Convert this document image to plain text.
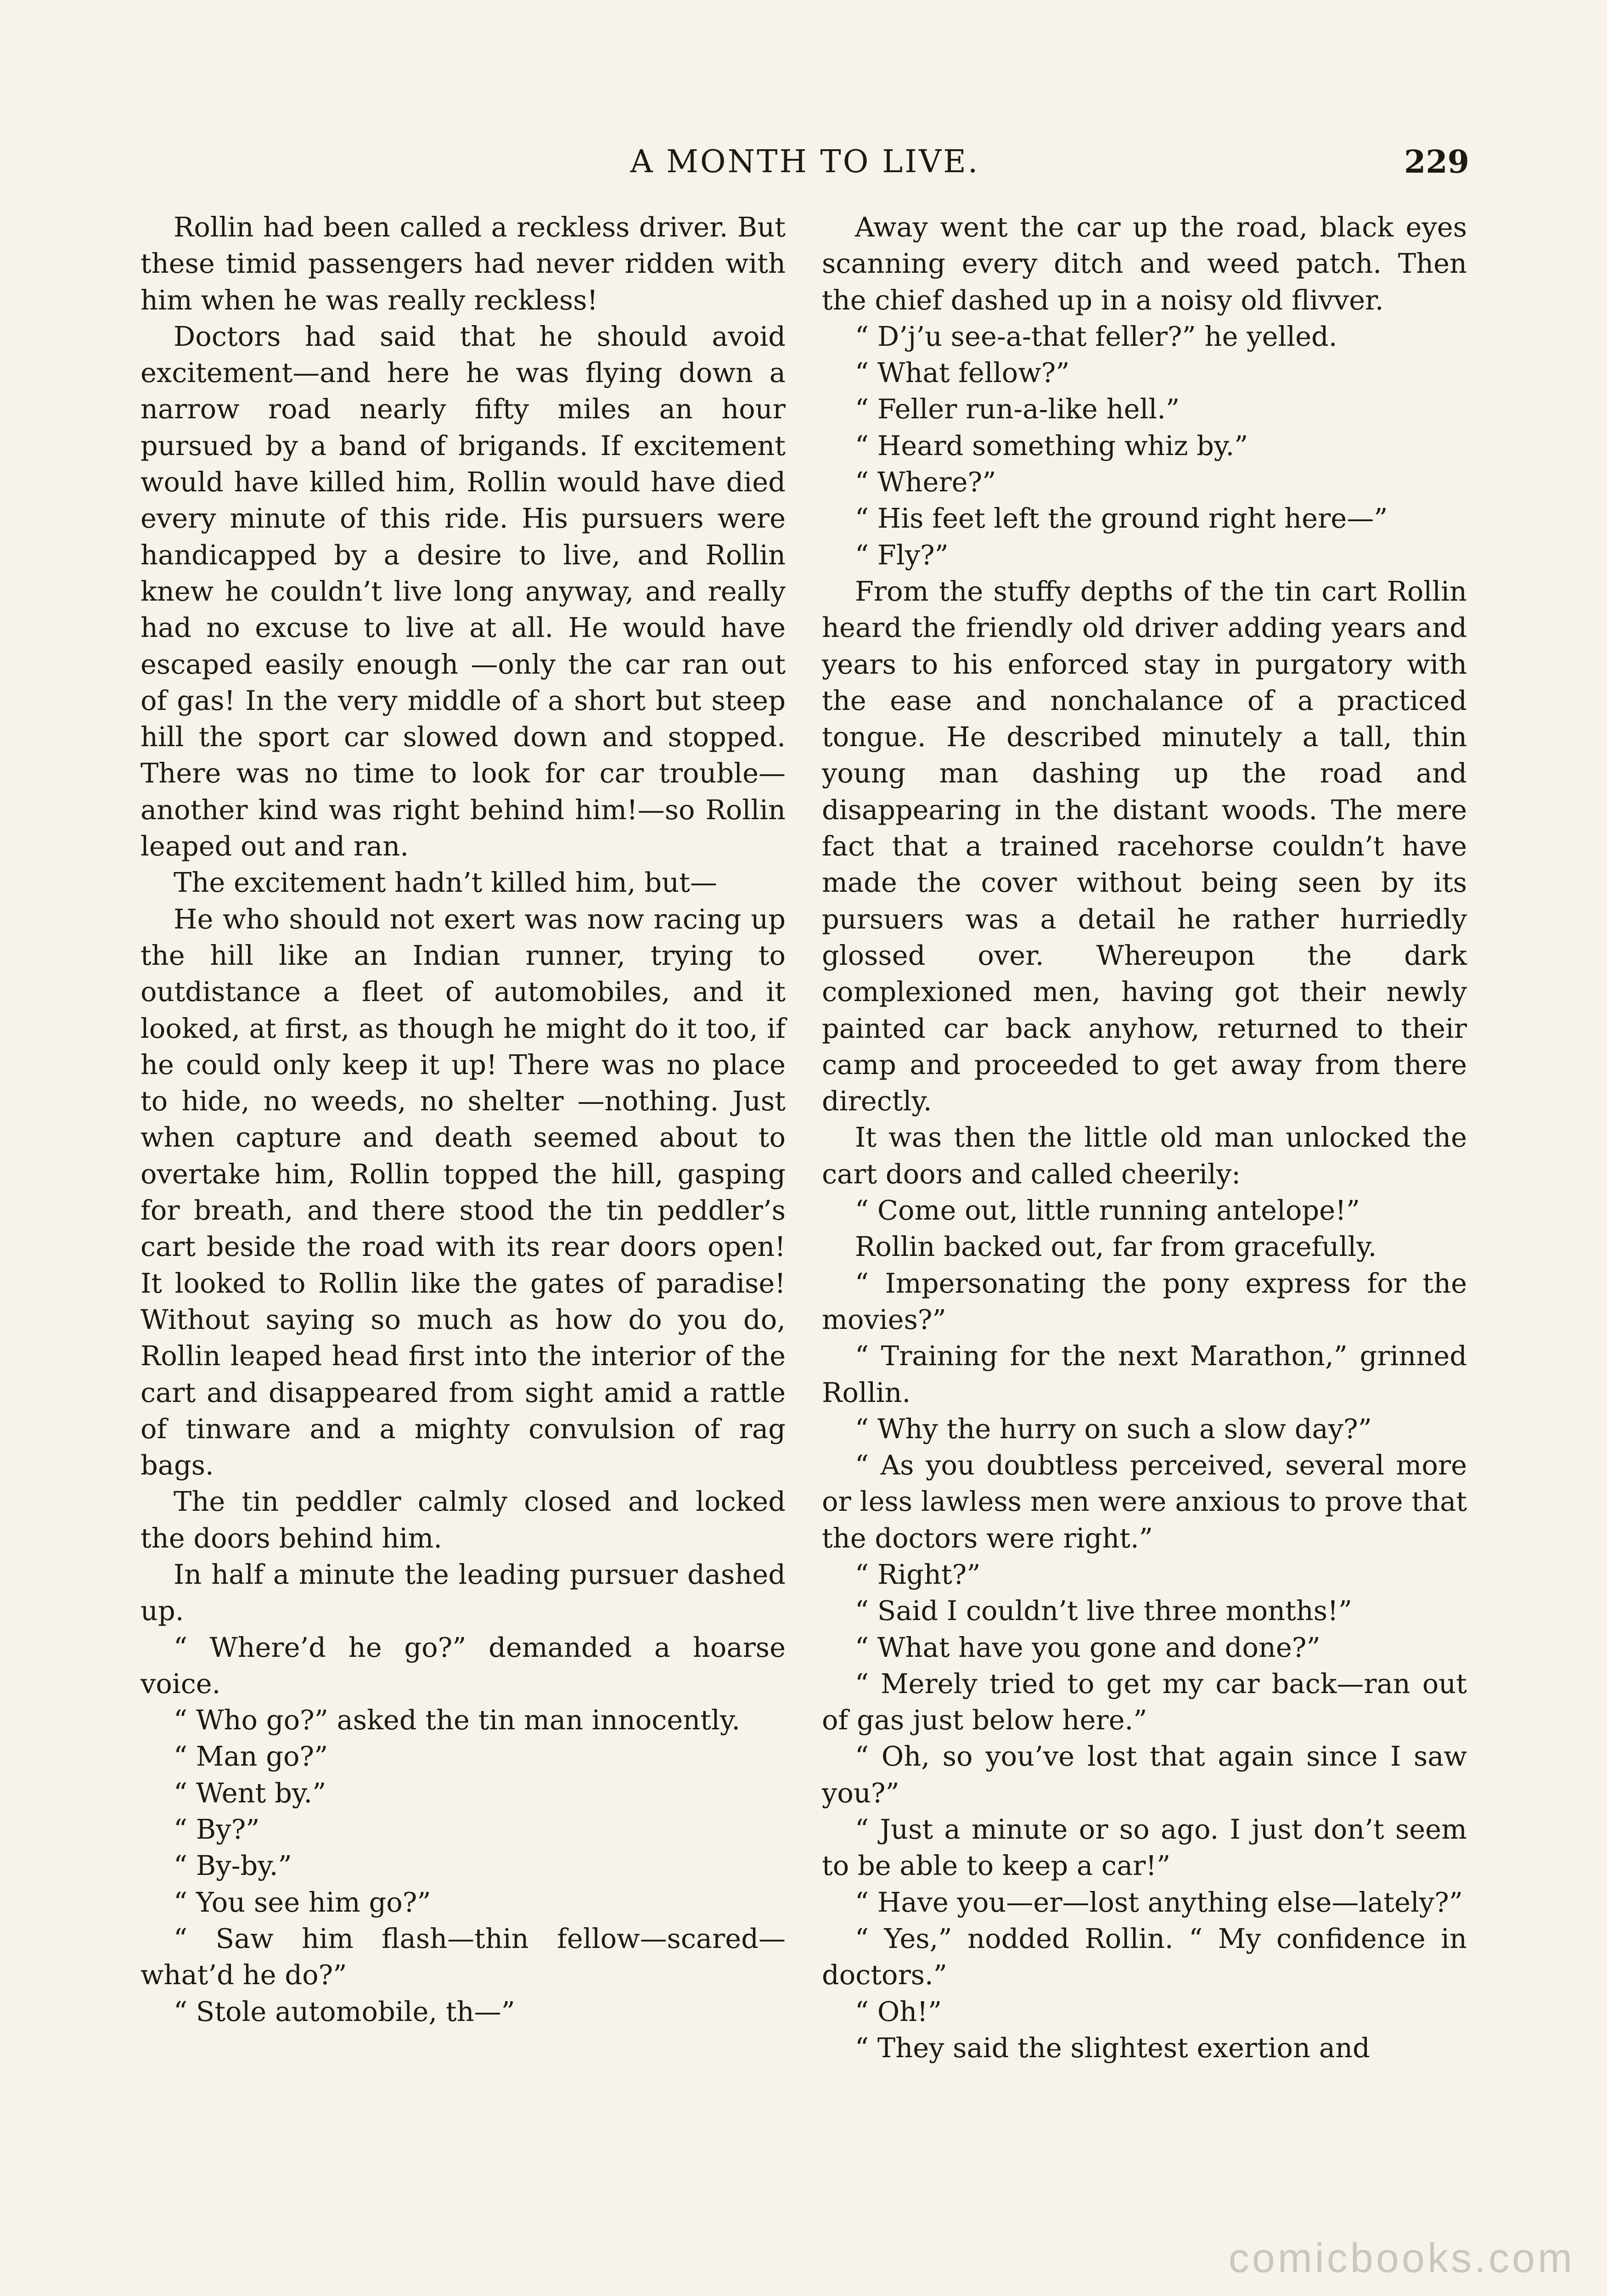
A MONTH TO LIVE.	229

Rollin had been called a reckless driver. But these timid passengers had never ridden with him when he was really reckless!

Doctors had said that he should avoid excitement—and here he was flying down a narrow road nearly fifty miles an hour pursued by a band of brigands. If excitement would have killed him, Rollin would have died every minute of this ride. His pursuers were handicapped by a desire to live, and Rollin knew he couldn’t live long anyway, and really had no excuse to live at all. He would have escaped easily enough —only the car ran out of gas! In the very middle of a short but steep hill the sport car slowed down and stopped. There was no time to look for car trouble—another kind was right behind him!—so Rollin leaped out and ran.

The excitement hadn’t killed him, but—

He who should not exert was now racing up the hill like an Indian runner, trying to outdistance a fleet of automobiles, and it looked, at first, as though he might do it too, if he could only keep it up! There was no place to hide, no weeds, no shelter —nothing. Just when capture and death seemed about to overtake him, Rollin topped the hill, gasping for breath, and there stood the tin peddler’s cart beside the road with its rear doors open! It looked to Rollin like the gates of paradise! Without saying so much as how do you do, Rollin leaped head first into the interior of the cart and disappeared from sight amid a rattle of tinware and a mighty convulsion of rag bags.

The tin peddler calmly closed and locked the doors behind him.

In half a minute the leading pursuer dashed up.

“ Where’d he go?” demanded a hoarse voice.

“ Who go?” asked the tin man innocently.

“ Man go?”

“ Went by.”

“ By?”

“ By-by.”

“ You see him go?”

“ Saw him flash—thin fellow—scared—what’d he do?”

“ Stole automobile, th—”

Away went the car up the road, black eyes scanning every ditch and weed patch. Then the chief dashed up in a noisy old flivver.

“ D’j’u see-a-that feller?” he yelled.

“ What fellow?”

“ Feller run-a-like hell.”

“ Heard something whiz by.”

“ Where?”

“ His feet left the ground right here—”

“ Fly?”

From the stuffy depths of the tin cart Rollin heard the friendly old driver adding years and years to his enforced stay in purgatory with the ease and nonchalance of a practiced tongue. He described minutely a tall, thin young man dashing up the road and disappearing in the distant woods. The mere fact that a trained racehorse couldn’t have made the cover without being seen by its pursuers was a detail he rather hurriedly glossed over. Whereupon the dark complexioned men, having got their newly painted car back anyhow, returned to their camp and proceeded to get away from there directly.

It was then the little old man unlocked the cart doors and called cheerily:

“ Come out, little running antelope!”

Rollin backed out, far from gracefully.

“ Impersonating the pony express for the movies?”

“ Training for the next Marathon,” grinned Rollin.

“ Why the hurry on such a slow day?”

“ As you doubtless perceived, several more or less lawless men were anxious to prove that the doctors were right.”

“ Right?”

“ Said I couldn’t live three months!”

“ What have you gone and done?”

“ Merely tried to get my car back—ran out of gas just below here.”

“ Oh, so you’ve lost that again since I saw you?”

“ Just a minute or so ago. I just don’t seem to be able to keep a car!”

“ Have you—er—lost anything else—lately?”

“ Yes,” nodded Rollin. “ My confidence in doctors.”

“ Oh!”

“ They said the slightest exertion and

comicbooks.com
